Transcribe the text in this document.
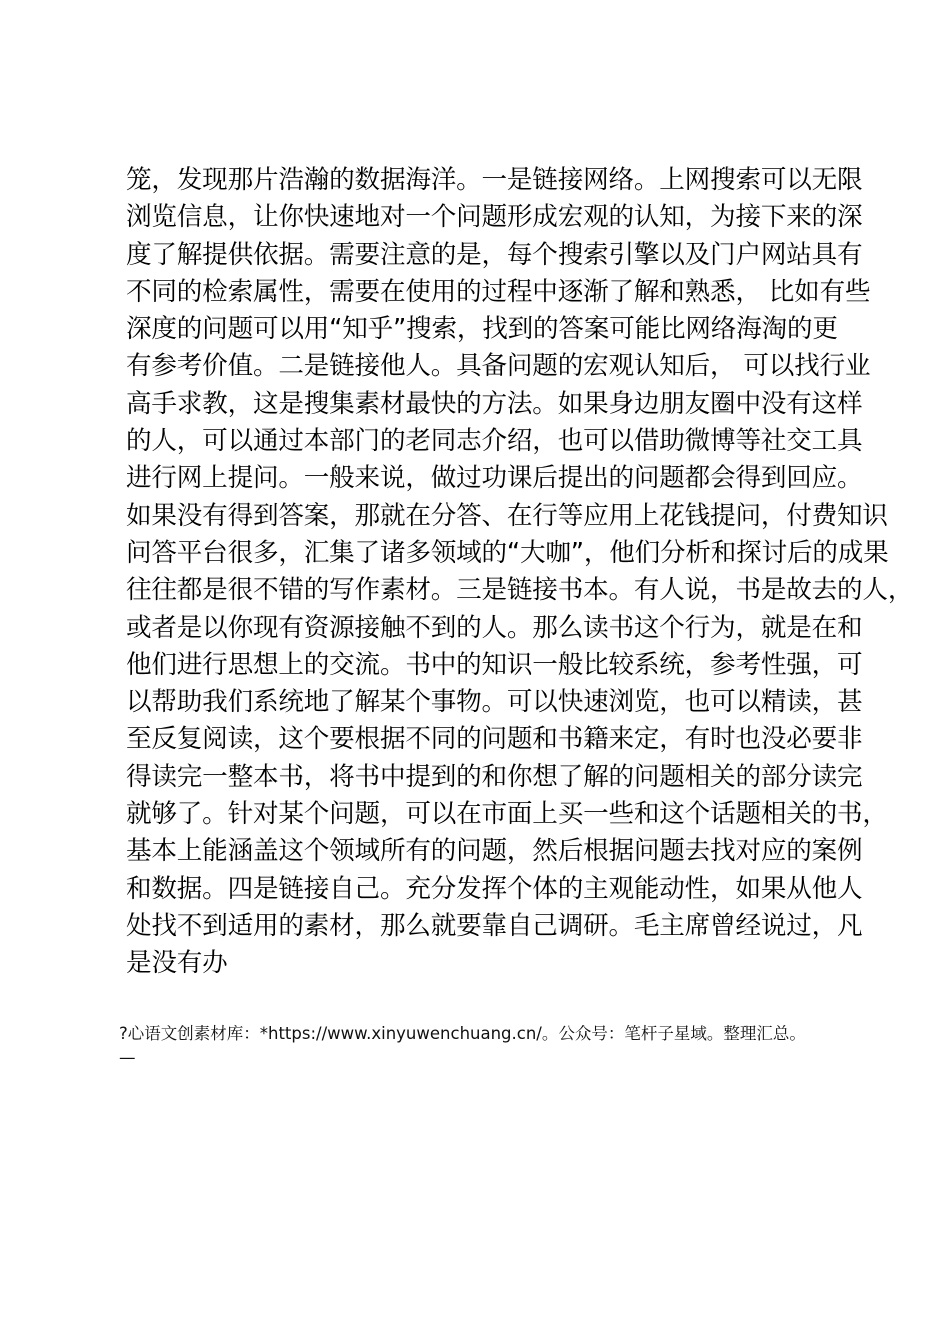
笼，发现那片浩瀚的数据海洋。一是链接网络。上网搜索可以无限
浏览信息，让你快速地对一个问题形成宏观的认知，为接下来的深
度了解提供依据。需要注意的是，每个搜索引擎以及门户网站具有
不同的检索属性，需要在使用的过程中逐渐了解和熟悉， 比如有些
深度的问题可以用“知乎”搜索，找到的答案可能比网络海淘的更
有参考价值。二是链接他人。具备问题的宏观认知后， 可以找行业
高手求教，这是搜集素材最快的方法。如果身边朋友圈中没有这样
的人，可以通过本部门的老同志介绍，也可以借助微博等社交工具
进行网上提问。一般来说，做过功课后提出的问题都会得到回应。
如果没有得到答案，那就在分答、在行等应用上花钱提问，付费知识
问答平台很多，汇集了诸多领域的“大咖”，他们分析和探讨后的成果
往往都是很不错的写作素材。三是链接书本。有人说，书是故去的人，
或者是以你现有资源接触不到的人。那么读书这个行为，就是在和
他们进行思想上的交流。书中的知识一般比较系统，参考性强，可
以帮助我们系统地了解某个事物。可以快速浏览，也可以精读，甚
至反复阅读，这个要根据不同的问题和书籍来定，有时也没必要非
得读完一整本书，将书中提到的和你想了解的问题相关的部分读完
就够了。针对某个问题，可以在市面上买一些和这个话题相关的书，
基本上能涵盖这个领域所有的问题，然后根据问题去找对应的案例
和数据。四是链接自己。充分发挥个体的主观能动性，如果从他人
处找不到适用的素材，那么就要靠自己调研。毛主席曾经说过，凡
是没有办
?心语文创素材库：*https://www.xinyuwenchuang.cn/。公众号：笔杆子星域。整理汇总。
—
